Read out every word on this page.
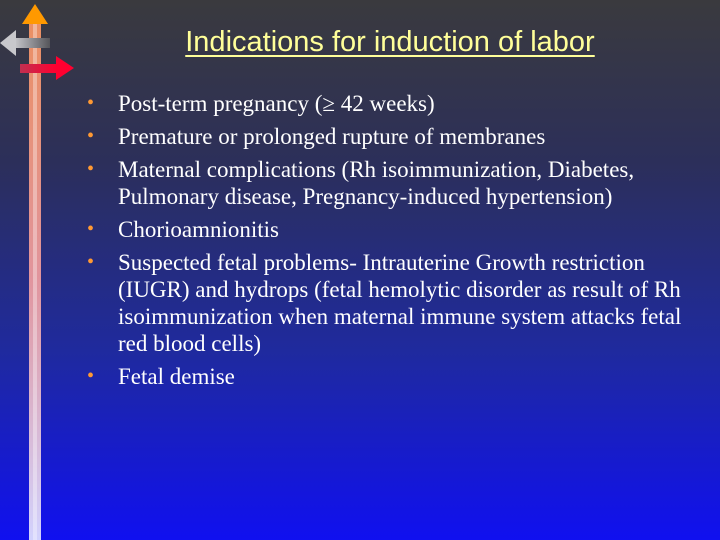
Indications for induction of labor
• Post-term pregnancy (≥ 42 weeks)
• Premature or prolonged rupture of membranes
• Maternal complications (Rh isoimmunization, Diabetes, Pulmonary disease, Pregnancy-induced hypertension)
• Chorioamnionitis
• Suspected fetal problems- Intrauterine Growth restriction (IUGR) and hydrops (fetal hemolytic disorder as result of Rh isoimmunization when maternal immune system attacks fetal red blood cells)
• Fetal demise
